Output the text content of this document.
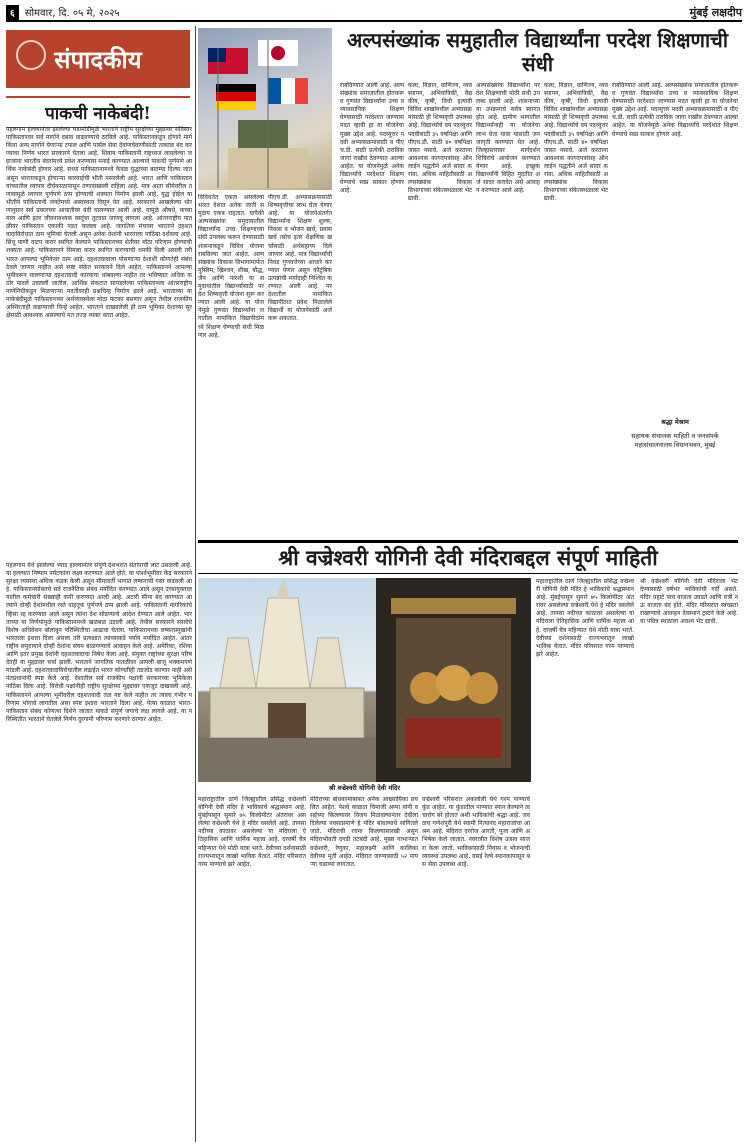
६	सोमवार, दि. ०५ मे, २०२५	मुंबई लक्षदीप
संपादकीय
पाकची नाकेबंदी!
पहलगाम हल्ल्यानंतर झालेल्या घडामोडींमुळे भारताने राष्ट्रीय सुरक्षेच्या मुद्द्यावर सविस्तर पाकिस्तानवर सर्व मार्गाने दबाव वाढवण्याचे ठरविले आहे. पाकिस्तानकडून होणारे मार्ग किंवा अन्य मार्गाने येणाऱ्या टपाल आणि पार्सल सेवा देवाणघेवाणीसाठी तत्काळ बंद करण्याचा निर्णय भारत सरकारने घेतला आहे. शिवाय पाकिस्तानी राष्ट्रध्वज लावलेल्या जहाजांना भारतीय बंदरांमध्ये प्रवेश करण्यास मनाई करण्यात आल्याने पाकची पूर्णपणे आर्थिक नाकेबंदी होणार आहे. सध्या पाकिस्तानामध्ये केवळ युद्धाच्या बातम्या दिल्या जात असून भारताकडून होणाऱ्या कारवाईची भीती पसरलेली आहे. भारत आणि पाकिस्तान यांच्यातील व्यापार दीर्घकाळापासून तणावाखाली राहिला आहे. मात्र आता सीमेवरील तणावामुळे व्यापार पूर्णपणे ठप्प होण्याची शक्यता निर्माण झाली आहे. युद्ध होईल या भीतीने पाकिस्तानी जनतेमध्ये अस्वस्थता दिसून येत आहे. सरकारने आखलेल्या धोरणानुसार सर्व प्रकारच्या आयातीवर बंदी घालण्यात आली आहे. यामुळे औषधे, कच्चा माल आणि इतर जीवनावश्यक वस्तूंचा तुटवडा जाणवू लागला आहे. आंतरराष्ट्रीय पातळीवर पाकिस्तान एकाकी पडत चालला आहे. जागतिक मंचावर भारताने दहशतवादाविरोधात ठाम भूमिका घेतली असून अनेक देशांनी भारताला पाठिंबा दर्शवला आहे. सिंधू पाणी वाटप करार स्थगित केल्याने पाकिस्तानच्या शेतीवर मोठा परिणाम होण्याची शक्यता आहे. पाकिस्तानने सिमला करार स्थगित करण्याची धमकी दिली असली तरी भारत आपल्या भूमिकेवर ठाम आहे. दहशतवादाला पोसणाऱ्या देशाशी कोणतेही संबंध ठेवले जाणार नाहीत असे स्पष्ट संकेत सरकारने दिले आहेत. पाकिस्तानने आपल्या भूमीवरून चालणाऱ्या दहशतवादी कारवाया थांबवल्या नाहीत तर भविष्यात अधिक कठोर पावले उचलली जातील. आर्थिक संकटात सापडलेल्या पाकिस्तानला आंतरराष्ट्रीय नाणेनिधीकडून मिळणाऱ्या मदतीवरही प्रश्नचिन्ह निर्माण झाले आहे. भारताच्या या नाकेबंदीमुळे पाकिस्तानच्या अर्थव्यवस्थेला मोठा फटका बसणार असून तेथील राजकीय अस्थिरताही वाढण्याची चिन्हे आहेत. भारताने दाखवलेली ही ठाम भूमिका देशाच्या सुरक्षेसाठी आवश्यक असल्याचे मत तज्ज्ञ व्यक्त करत आहेत.
पहलगाम येथे झालेल्या भ्याड हल्ल्यानंतर संपूर्ण देशभरात संतापाची लाट उसळली आहे. या हल्ल्यात निष्पाप पर्यटकांना लक्ष्य करण्यात आले होते. या पार्श्वभूमीवर केंद्र सरकारने सुरक्षा व्यवस्था अधिक कडक केली असून सीमावर्ती भागात लष्कराची गस्त वाढवली आहे. पाकिस्तानसोबतचे सर्व राजनैतिक संबंध मर्यादित करण्यात आले असून उच्चायुक्तालयातील कर्मचारी संख्याही कमी करण्यात आली आहे. अटारी सीमा बंद करण्यात आल्याने दोन्ही देशांमधील रस्ते वाहतूक पूर्णपणे ठप्प झाली आहे. पाकिस्तानी नागरिकांचे व्हिसा रद्द करण्यात आले असून त्यांना देश सोडण्याचे आदेश देण्यात आले आहेत. भारताच्या या निर्णयांमुळे पाकिस्तानमध्ये खळबळ उडाली आहे. तेथील सरकारने संसदेचे विशेष अधिवेशन बोलावून परिस्थितीचा आढावा घेतला. पाकिस्तानच्या लष्करप्रमुखांनी भारताला इशारा दिला असला तरी प्रत्यक्षात त्यांच्याकडे पर्याय मर्यादित आहेत. आंतरराष्ट्रीय समुदायाने दोन्ही देशांना संयम बाळगण्याचे आवाहन केले आहे. अमेरिका, रशिया आणि इतर प्रमुख देशांनी दहशतवादाचा निषेध केला आहे. संयुक्त राष्ट्रांच्या सुरक्षा परिषदेतही या मुद्द्यावर चर्चा झाली. भारताने जागतिक पातळीवर आपली बाजू भक्कमपणे मांडली आहे. दहशतवादाविरोधातील लढाईत भारत कोणतीही तडजोड करणार नाही असे पंतप्रधानांनी स्पष्ट केले आहे. देशातील सर्व राजकीय पक्षांनी सरकारच्या भूमिकेला पाठिंबा दिला आहे. विरोधी पक्षांनीही राष्ट्रीय सुरक्षेच्या मुद्द्यावर एकजूट दाखवली आहे. पाकिस्तानने आपल्या भूमीवरील दहशतवादी तळ नष्ट केले नाहीत तर त्याला गंभीर परिणाम भोगावे लागतील असा स्पष्ट इशारा भारताने दिला आहे. येत्या काळात भारत-पाकिस्तान संबंध कोणत्या दिशेने जातात याकडे संपूर्ण जगाचे लक्ष लागले आहे. या परिस्थितीत भारताने घेतलेले निर्णय दूरगामी परिणाम करणारे ठरणार आहेत.
अल्पसंख्यांक समुहातील विद्यार्थ्यांना परदेश शिक्षणाची संधी
विविधतेत एकता असलेल्या भारत देशात अनेक जाती समुदाय एकत्र राहतात. यापैकी अल्पसंख्यांक समुदायातील विद्यार्थ्यांना उच्च शिक्षणाच्या संधी उपलब्ध करून देण्यासाठी शासनाकडून विविध योजना राबविल्या जात आहेत. अल्पसंख्यांक विकास विभागामार्फत मुस्लिम, ख्रिश्चन, शीख, बौद्ध, जैन आणि पारशी या समुदायांतील विद्यार्थ्यांसाठी परदेश शिष्यवृत्ती योजना सुरू करण्यात आली आहे. या योजनेमुळे गुणवंत विद्यार्थ्यांना जगातील नामांकित विद्यापीठांमध्ये शिक्षण घेण्याची संधी मिळणार आहे.
पीएच.डी. अभ्यासक्रमासाठी शिष्यवृत्तीचा लाभ घेता येणार आहे. या योजनेअंतर्गत विद्यार्थ्यांना शिक्षण शुल्क, निवास व भोजन खर्च, प्रवास खर्च तसेच इतर शैक्षणिक खर्चासाठी अर्थसहाय्य दिले जाणार आहे. पात्र विद्यार्थ्यांची निवड गुणवत्तेच्या आधारे करण्यात येणार असून कौटुंबिक उत्पन्नाची मर्यादाही निश्चित करण्यात आली आहे. परदेशातील नामांकित विद्यापीठात प्रवेश मिळालेले विद्यार्थी या योजनेसाठी अर्ज करू शकतात.
राबविण्यात आली आहे. अल्पसंख्यांक समाजातील होतकरू व गुणवंत विद्यार्थ्यांना उच्च व व्यावसायिक शिक्षण घेण्यासाठी परदेशात जाण्यास मदत व्हावी हा या योजनेचा मुख्य उद्देश आहे. पदव्युत्तर पदवी अभ्यासक्रमासाठी व पीएच.डी. साठी प्रत्येकी ठराविक जागा राखीव ठेवण्यात आल्या आहेत. या योजनेमुळे अनेक विद्यार्थ्यांचे परदेशात शिक्षण घेण्याचे स्वप्न साकार होणार आहे.
कला, विज्ञान, वाणिज्य, व्यवस्थापन, अभियांत्रिकी, वैद्यकीय, कृषी, विधी इत्यादी विविध शाखांमधील अभ्यासक्रमांसाठी ही शिष्यवृत्ती उपलब्ध आहे. विद्यार्थ्याचे वय पदव्युत्तर पदवीसाठी ३५ वर्षांपेक्षा आणि पीएच.डी. साठी ४० वर्षांपेक्षा जास्त नसावे. अर्ज करताना आवश्यक कागदपत्रांसह ऑनलाईन पद्धतीने अर्ज सादर करावा. अधिक माहितीसाठी अल्पसंख्यांक विकास विभागाच्या संकेतस्थळाला भेट द्यावी.
अल्पसंख्यांक विद्यार्थ्यांना परदेश शिक्षणाची मोठी संधी उपलब्ध झाली आहे. शासनाच्या या उपक्रमाचे सर्वत्र स्वागत होत आहे. ग्रामीण भागातील विद्यार्थ्यांनाही या योजनेचा लाभ घेता यावा यासाठी जनजागृती करण्यात येत आहे. जिल्हास्तरावर मार्गदर्शन शिबिरांचे आयोजन करण्यात येणार आहे. इच्छुक विद्यार्थ्यांनी विहित मुदतीत अर्ज सादर करावेत असे आवाहन करण्यात आले आहे.
कला, विज्ञान, वाणिज्य, व्यवस्थापन, अभियांत्रिकी, वैद्यकीय, कृषी, विधी इत्यादी विविध शाखांमधील अभ्यासक्रमांसाठी ही शिष्यवृत्ती उपलब्ध आहे. विद्यार्थ्याचे वय पदव्युत्तर पदवीसाठी ३५ वर्षांपेक्षा आणि पीएच.डी. साठी ४० वर्षांपेक्षा जास्त नसावे. अर्ज करताना आवश्यक कागदपत्रांसह ऑनलाईन पद्धतीने अर्ज सादर करावा. अधिक माहितीसाठी अल्पसंख्यांक विकास विभागाच्या संकेतस्थळाला भेट द्यावी.
राबविण्यात आली आहे. अल्पसंख्यांक समाजातील होतकरू व गुणवंत विद्यार्थ्यांना उच्च व व्यावसायिक शिक्षण घेण्यासाठी परदेशात जाण्यास मदत व्हावी हा या योजनेचा मुख्य उद्देश आहे. पदव्युत्तर पदवी अभ्यासक्रमासाठी व पीएच.डी. साठी प्रत्येकी ठराविक जागा राखीव ठेवण्यात आल्या आहेत. या योजनेमुळे अनेक विद्यार्थ्यांचे परदेशात शिक्षण घेण्याचे स्वप्न साकार होणार आहे.
श्रद्धा मेश्राम
सहायक संचालक माहिती व जनसंपर्क महासंचालनालय विधानभवन, मुंबई
श्री वज्रेश्वरी योगिनी देवी मंदिराबद्दल संपूर्ण माहिती
श्री वज्रेश्वरी योगिनी देवी मंदिर
महाराष्ट्रातील ठाणे जिल्ह्यातील प्रसिद्ध वज्रेश्वरी योगिनी देवी मंदिर हे भाविकांचे श्रद्धास्थान आहे. मुंबईपासून सुमारे ७५ किलोमीटर अंतरावर असलेल्या वज्रेश्वरी येथे हे मंदिर वसलेले आहे. तानसा नदीच्या काठावर असलेल्या या मंदिराला ऐतिहासिक आणि धार्मिक महत्त्व आहे. दरवर्षी चैत्र महिन्यात येथे मोठी यात्रा भरते. देवीच्या दर्शनासाठी राज्यभरातून लाखो भाविक येतात. मंदिर परिसरात गरम पाण्याचे झरे आहेत.
मंदिराच्या बांधकामाबाबत अनेक आख्यायिका प्रचलित आहेत. पेशवे काळात चिमाजी अप्पा यांनी वसईच्या किल्ल्यावर विजय मिळवल्यानंतर देवीला दिलेल्या नवसाप्रमाणे हे मंदिर बांधल्याचे सांगितले जाते. मंदिराची रचना किल्ल्यासारखी असून मंदिराभोवती दगडी तटबंदी आहे. मुख्य गाभाऱ्यात वज्रेश्वरी, रेणुका, महालक्ष्मी आणि कालिका देवीच्या मूर्ती आहेत. मंदिरात जाण्यासाठी ५२ पायऱ्या चढाव्या लागतात.
वज्रेश्वरी परिसरात अकलोली येथे गरम पाण्याचे कुंड आहेत. या कुंडातील पाण्यात स्नान केल्याने त्वचारोग बरे होतात अशी भाविकांची श्रद्धा आहे. जवळच गणेशपुरी येथे स्वामी नित्यानंद महाराजांचा आश्रम आहे. मंदिरात दररोज आरती, पूजा आणि अभिषेक केले जातात. नवरात्रीत विशेष उत्सव साजरा केला जातो. भाविकांसाठी निवास व भोजनाची व्यवस्था उपलब्ध आहे. वसई रेल्वे स्थानकापासून बस सेवा उपलब्ध आहे.
महाराष्ट्रातील ठाणे जिल्ह्यातील प्रसिद्ध वज्रेश्वरी योगिनी देवी मंदिर हे भाविकांचे श्रद्धास्थान आहे. मुंबईपासून सुमारे ७५ किलोमीटर अंतरावर असलेल्या वज्रेश्वरी येथे हे मंदिर वसलेले आहे. तानसा नदीच्या काठावर असलेल्या या मंदिराला ऐतिहासिक आणि धार्मिक महत्त्व आहे. दरवर्षी चैत्र महिन्यात येथे मोठी यात्रा भरते. देवीच्या दर्शनासाठी राज्यभरातून लाखो भाविक येतात. मंदिर परिसरात गरम पाण्याचे झरे आहेत.
श्री वज्रेश्वरी योगिनी देवी मंदिराला भेट देण्यासाठी वर्षभर भाविकांची गर्दी असते. मंदिर पहाटे पाच वाजता उघडते आणि रात्री नऊ वाजता बंद होते. मंदिर परिसरात स्वच्छता राखण्याचे आवाहन देवस्थान ट्रस्टने केले आहे. या पवित्र स्थळाला अवश्य भेट द्यावी.
